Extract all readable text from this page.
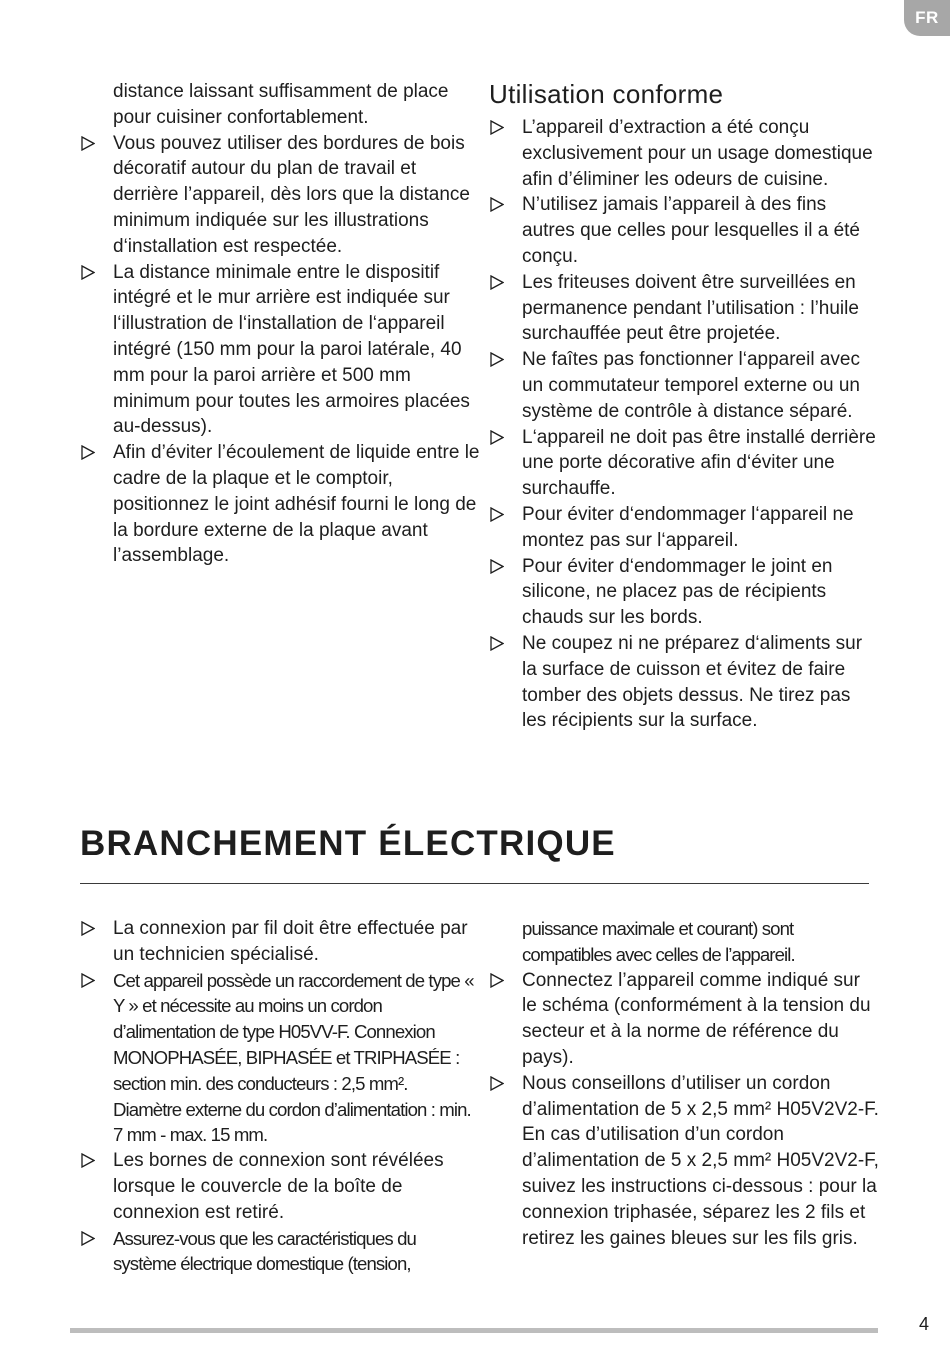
FR
distance laissant suffisamment de place pour cuisiner confortablement.
Vous pouvez utiliser des bordures de bois décoratif autour du plan de travail et derrière l’appareil, dès lors que la distance minimum indiquée sur les illustrations d‘installation est respectée.
La distance minimale entre le dispositif intégré et le mur arrière est indiquée sur l‘illustration de l‘installation de l‘appareil intégré (150 mm pour la paroi latérale, 40 mm pour la paroi arrière et 500 mm minimum pour toutes les armoires placées au-dessus).
Afin d’éviter l’écoulement de liquide entre le cadre de la plaque et le comptoir, positionnez le joint adhésif fourni le long de la bordure externe de la plaque avant l’assemblage.
Utilisation conforme
L’appareil d’extraction a été conçu exclusivement pour un usage domestique afin d’éliminer les odeurs de cuisine.
N’utilisez jamais l’appareil à des fins autres que celles pour lesquelles il a été conçu.
Les friteuses doivent être surveillées en permanence pendant l’utilisation : l’huile surchauffée peut être projetée.
Ne faîtes pas fonctionner l‘appareil avec un commutateur temporel externe ou un système de contrôle à distance séparé.
L‘appareil ne doit pas être installé derrière une porte décorative afin d‘éviter une surchauffe.
Pour éviter d‘endommager l‘appareil ne montez pas sur l‘appareil.
Pour éviter d‘endommager le joint en silicone, ne placez pas de récipients chauds sur les bords.
Ne coupez ni ne préparez d‘aliments sur la surface de cuisson et évitez de faire tomber des objets dessus. Ne tirez pas les récipients sur la surface.
BRANCHEMENT ÉLECTRIQUE
La connexion par fil doit être effectuée par un technicien spécialisé.
Cet appareil possède un raccordement de type « Y » et nécessite au moins un cordon d’alimentation de type H05VV-F. Connexion MONOPHASÉE, BIPHASÉE et TRIPHASÉE : section min. des conducteurs : 2,5 mm². Diamètre externe du cordon d’alimentation : min. 7 mm - max. 15 mm.
Les bornes de connexion sont révélées lorsque le couvercle de la boîte de connexion est retiré.
Assurez-vous que les caractéristiques du système électrique domestique (tension,
puissance maximale et courant) sont compatibles avec celles de l’appareil.
Connectez l’appareil comme indiqué sur le schéma (conformément à la tension du secteur et à la norme de référence du pays).
Nous conseillons d’utiliser un cordon d’alimentation de 5 x 2,5 mm² H05V2V2-F. En cas d’utilisation d’un cordon d’alimentation de 5 x 2,5 mm² H05V2V2-F, suivez les instructions ci-dessous : pour la connexion triphasée, séparez les 2 fils et retirez les gaines bleues sur les fils gris.
4
